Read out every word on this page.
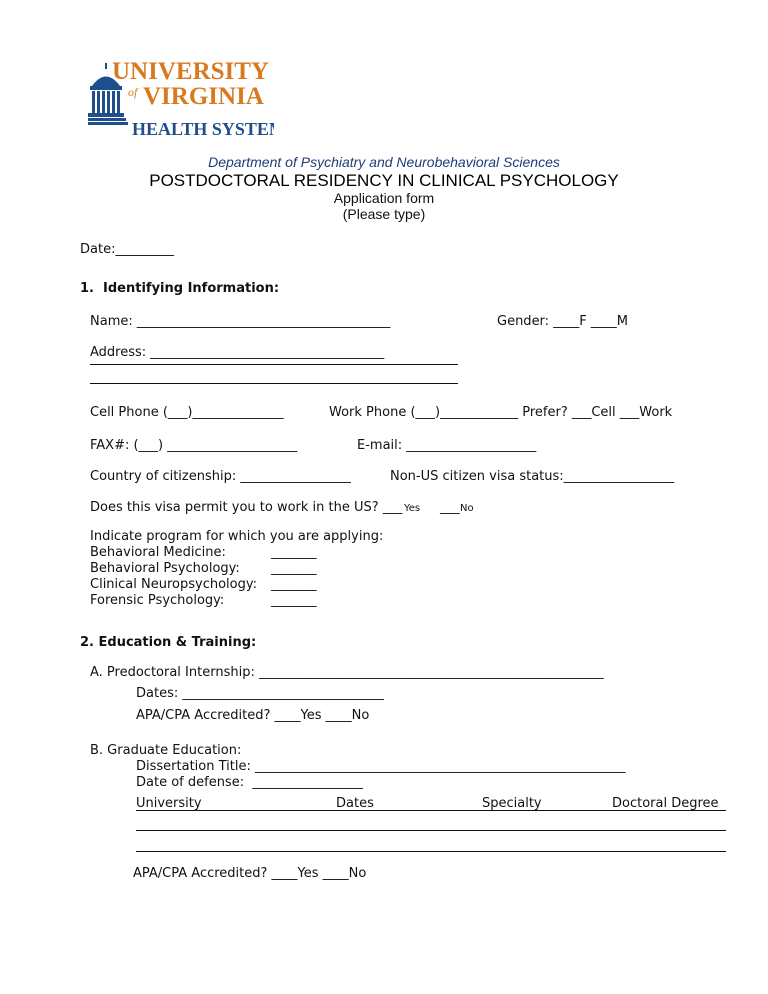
UNIVERSITY
of VIRGINIA
HEALTH SYSTEM
Department of Psychiatry and Neurobehavioral Sciences
POSTDOCTORAL RESIDENCY IN CLINICAL PSYCHOLOGY
Application form
(Please type)
Date:_________
1.  Identifying Information:
Name: _______________________________________	Gender: ____F ____M
Address: ____________________________________
Cell Phone (___)______________	Work Phone (___)____________ Prefer? ___Cell ___Work
FAX#: (___) ____________________	E-mail: ____________________
Country of citizenship: _________________	Non-US citizen visa status:_________________
Does this visa permit you to work in the US? ___ Yes ___ No
Indicate program for which you are applying:
Behavioral Medicine:	_______
Behavioral Psychology: _______
Clinical Neuropsychology: _______
Forensic Psychology:	_______
2. Education & Training:
A. Predoctoral Internship: _____________________________________________________
Dates: _______________________________
APA/CPA Accredited? ____Yes ____No
B. Graduate Education:
Dissertation Title: _________________________________________________________
Date of defense:  _________________
University	Dates	Specialty	Doctoral Degree
APA/CPA Accredited? ____Yes ____No
